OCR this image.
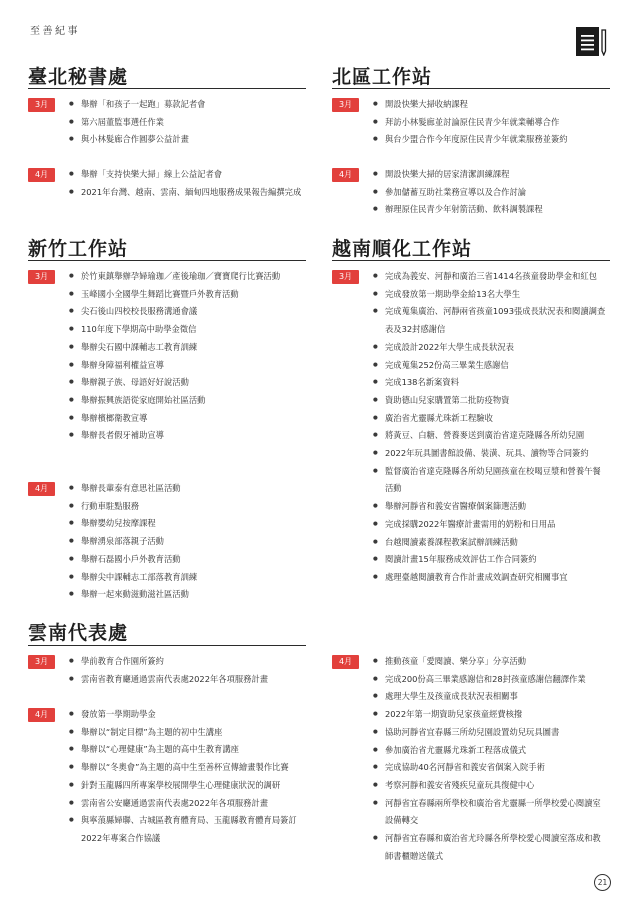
至善紀事
臺北秘書處
3月	● 舉辦「和孩子一起跑」募款記者會
● 第六屆董監事選任作業
● 與小林髮廊合作圓夢公益計畫
4月	● 舉辦「支持快樂大掃」線上公益記者會
● 2021年台灣、越南、雲南、緬甸四地服務成果報告編撰完成
新竹工作站
3月	● 於竹東鎮舉辦孕婦瑜珈／產後瑜珈／寶寶爬行比賽活動
● 玉峰國小全國學生舞蹈比賽暨戶外教育活動
● 尖石後山四校校長服務溝通會議
● 110年度下學期高中助學金徵信
● 舉辦尖石國中課輔志工教育訓練
● 舉辦身障福利權益宣導
● 舉辦親子族、母語好好說活動
● 舉辦振興族語從家庭開始社區活動
● 舉辦檳榔衛教宣導
● 舉辦長者假牙補助宣導
4月	● 舉辦長輩泰有意思社區活動
● 行動車駐點服務
● 舉辦嬰幼兒按摩課程
● 舉辦湧泉部落親子活動
● 舉辦石磊國小戶外教育活動
● 舉辦尖中課輔志工部落教育訓練
● 舉辦一起來動滋動滋社區活動
雲南代表處
3月	● 學前教育合作園所簽約
● 雲南省教育廳通過雲南代表處2022年各項服務計畫
4月	● 發放第一學期助學金
● 舉辦以“制定目標”為主題的初中生講座
● 舉辦以“心理健康”為主題的高中生教育講座
● 舉辦以“冬奧會”為主題的高中生至善杯宣傳繪畫製作比賽
● 針對玉龍縣四所專案學校展開學生心理健康狀況的調研
● 雲南省公安廳通過雲南代表處2022年各項服務計畫
● 與寧蒗縣婦聯、古城區教育體育局、玉龍縣教育體育局簽訂2022年專案合作協議
北區工作站
3月	● 開設快樂大掃收納課程
● 拜訪小林髮廊並討論原住民青少年就業輔導合作
● 與台少盟合作今年度原住民青少年就業服務並簽約
4月	● 開設快樂大掃的居家清潔訓練課程
● 參加儲蓄互助社業務宣導以及合作討論
● 辦理原住民青少年射箭活動、飲料調製課程
越南順化工作站
3月	● 完成為義安、河靜和廣治三省1414名孩童發助學金和紅包
● 完成發放第一期助學金給13名大學生
● 完成蒐集廣治、河靜兩省孩童1093張成長狀況表和閱讀調查表及32封感謝信
● 完成設計2022年大學生成長狀況表
● 完成蒐集252份高三畢業生感謝信
● 完成138名新案資料
● 資助德山兒家購置第二批防疫物資
● 廣治省尤靈縣尤珠新工程驗收
● 將黃豆、白糖、營養麥送到廣治省達克隆縣各所幼兒園
● 2022年玩具圖書館設備、裝潢、玩具、讀物等合同簽約
● 監督廣治省達克隆縣各所幼兒園孩童在校喝豆漿和營養午餐活動
● 舉辦河靜省和義安省醫療個案篩選活動
● 完成採購2022年醫療計畫需用的奶粉和日用品
● 台越閱讀素養課程教案試辦訓練活動
● 閱讀計畫15年服務成效評估工作合同簽約
● 處理臺越閱讀教育合作計畫成效調查研究相關事宜
4月	● 推動孩童「愛閱讀、樂分享」分享活動
● 完成200份高三畢業感謝信和28封孩童感謝信翻譯作業
● 處理大學生及孩童成長狀況表相關事
● 2022年第一期資助兒家孩童經費核撥
● 協助河靜省宜春縣三所幼兒園設置幼兒玩具圖書
● 參加廣治省尤靈縣尤珠新工程落成儀式
● 完成協助40名河靜省和義安省個案入院手術
● 考察河靜和義安省殘疾兒童玩具復健中心
● 河靜省宜春縣兩所學校和廣治省尤靈縣一所學校愛心閱讀室設備轉交
● 河靜省宜春縣和廣治省尤玲縣各所學校愛心閱讀室落成和教師書櫃贈送儀式
21
